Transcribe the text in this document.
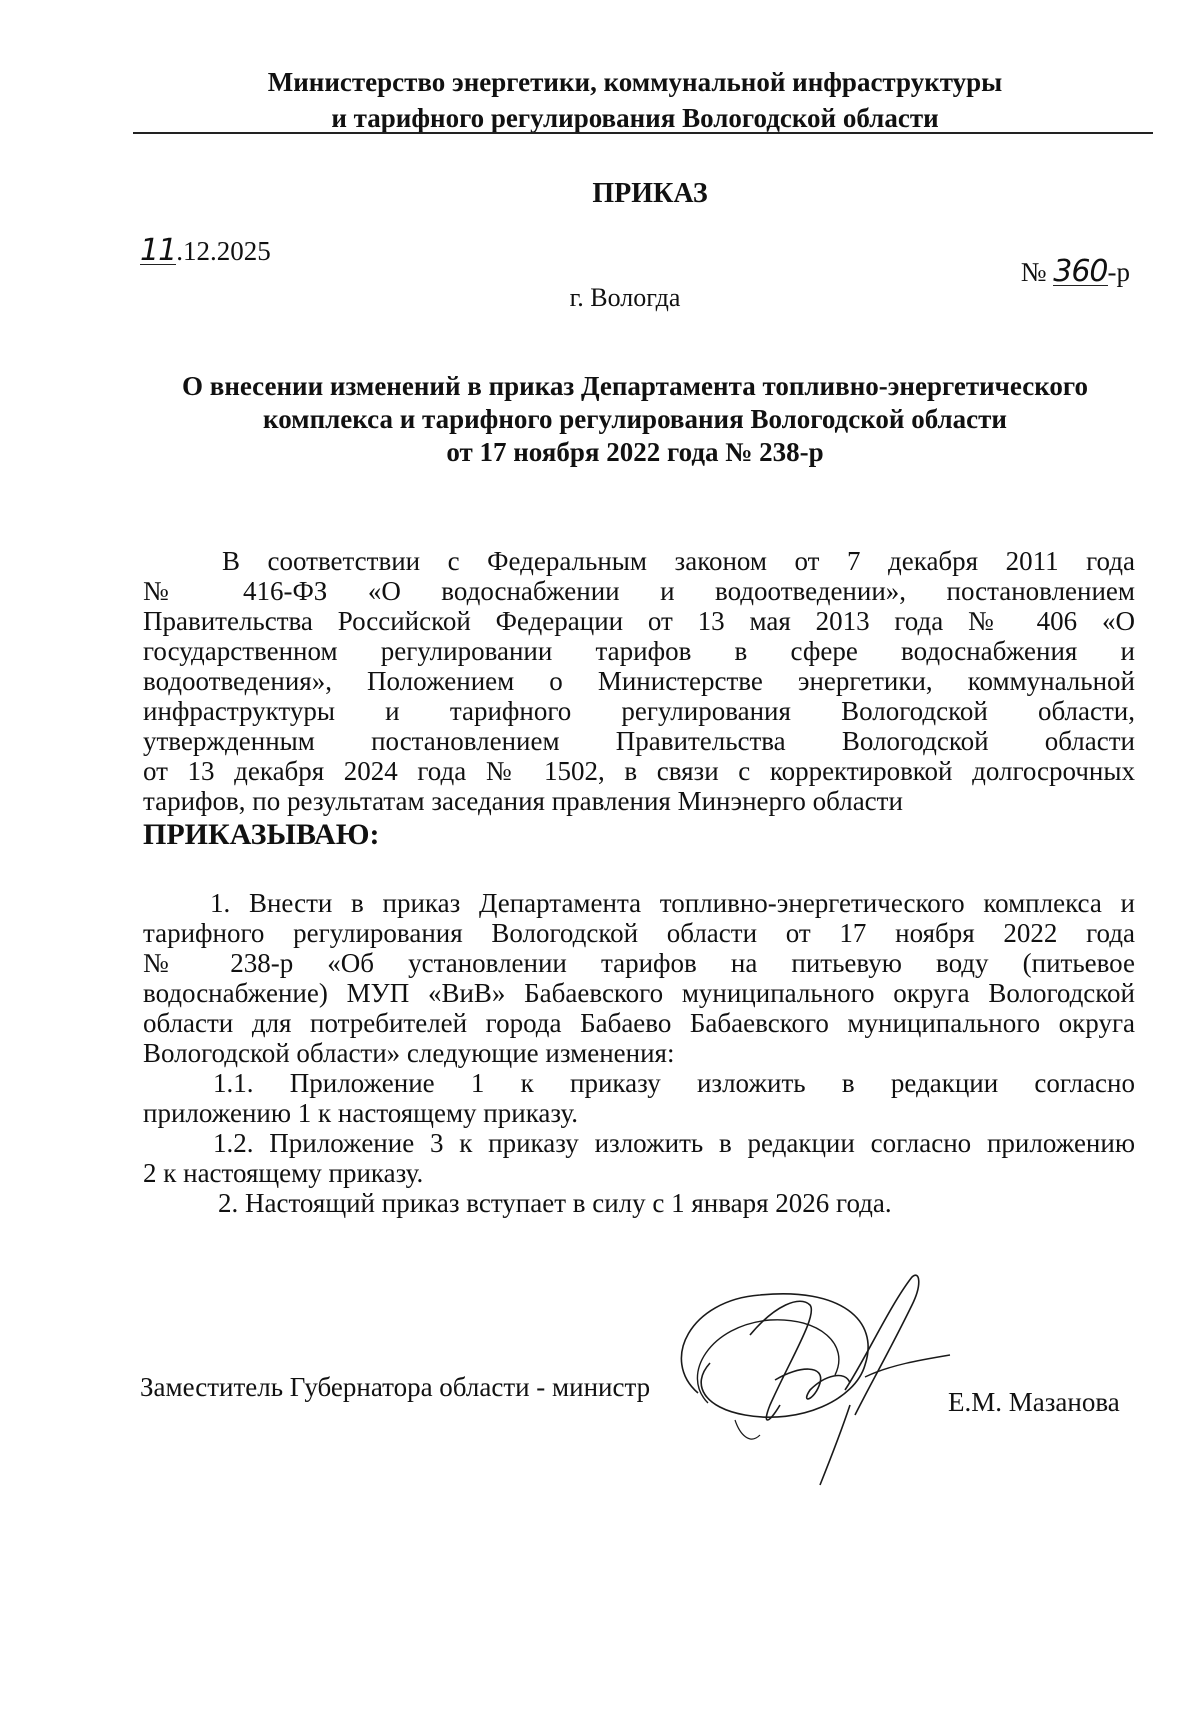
Министерство энергетики, коммунальной инфраструктуры
и тарифного регулирования Вологодской области
ПРИКАЗ
11.12.2025
№ 360-р
г. Вологда
О внесении изменений в приказ Департамента топливно-энергетического
комплекса и тарифного регулирования Вологодской области
от 17 ноября 2022 года № 238-р
В соответствии с Федеральным законом от 7 декабря 2011 года
№ 416-ФЗ «О водоснабжении и водоотведении», постановлением
Правительства Российской Федерации от 13 мая 2013 года № 406 «О
государственном регулировании тарифов в сфере водоснабжения и
водоотведения», Положением о Министерстве энергетики, коммунальной
инфраструктуры и тарифного регулирования Вологодской области,
утвержденным постановлением Правительства Вологодской области
от 13 декабря 2024 года № 1502, в связи с корректировкой долгосрочных
тарифов, по результатам заседания правления Минэнерго области
ПРИКАЗЫВАЮ:
1. Внести в приказ Департамента топливно-энергетического комплекса и
тарифного регулирования Вологодской области от 17 ноября 2022 года
№ 238-р «Об установлении тарифов на питьевую воду (питьевое
водоснабжение) МУП «ВиВ» Бабаевского муниципального округа Вологодской
области для потребителей города Бабаево Бабаевского муниципального округа
Вологодской области» следующие изменения:
1.1. Приложение 1 к приказу изложить в редакции согласно
приложению 1 к настоящему приказу.
1.2. Приложение 3 к приказу изложить в редакции согласно приложению
2 к настоящему приказу.
2. Настоящий приказ вступает в силу с 1 января 2026 года.
Заместитель Губернатора области - министр	Е.М. Мазанова
